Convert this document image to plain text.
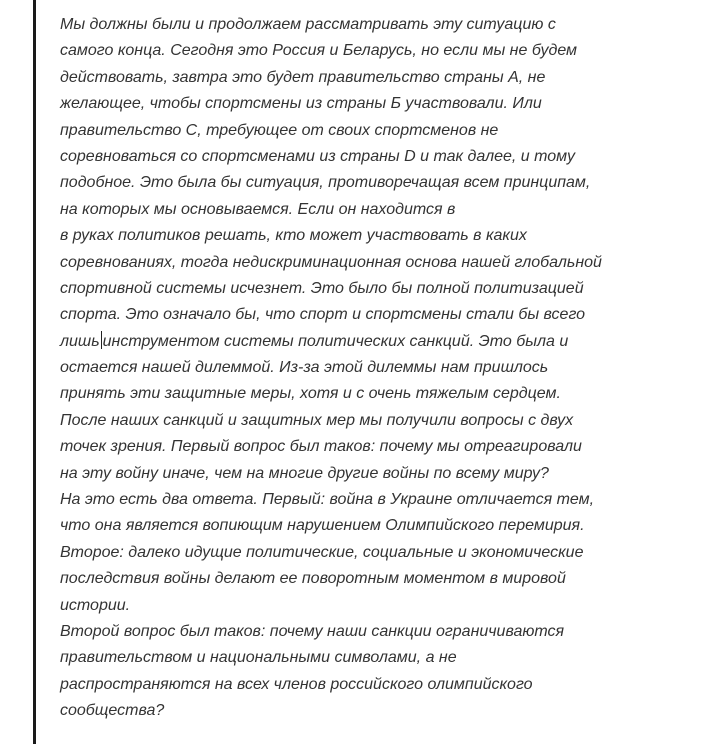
Мы должны были и продолжаем рассматривать эту ситуацию с
самого конца. Сегодня это Россия и Беларусь, но если мы не будем
действовать, завтра это будет правительство страны А, не
желающее, чтобы спортсмены из страны Б участвовали. Или
правительство С, требующее от своих спортсменов не
соревноваться со спортсменами из страны D и так далее, и тому
подобное. Это была бы ситуация, противоречащая всем принципам,
на которых мы основываемся. Если он находится в
в руках политиков решать, кто может участвовать в каких
соревнованиях, тогда недискриминационная основа нашей глобальной
спортивной системы исчезнет. Это было бы полной политизацией
спорта. Это означало бы, что спорт и спортсмены стали бы всего
лишь инструментом системы политических санкций. Это была и
остается нашей дилеммой. Из-за этой дилеммы нам пришлось
принять эти защитные меры, хотя и с очень тяжелым сердцем.
После наших санкций и защитных мер мы получили вопросы с двух
точек зрения. Первый вопрос был таков: почему мы отреагировали
на эту войну иначе, чем на многие другие войны по всему миру?
На это есть два ответа. Первый: война в Украине отличается тем,
что она является вопиющим нарушением Олимпийского перемирия.
Второе: далеко идущие политические, социальные и экономические
последствия войны делают ее поворотным моментом в мировой
истории.
Второй вопрос был таков: почему наши санкции ограничиваются
правительством и национальными символами, а не
распространяются на всех членов российского олимпийского
сообщества?
